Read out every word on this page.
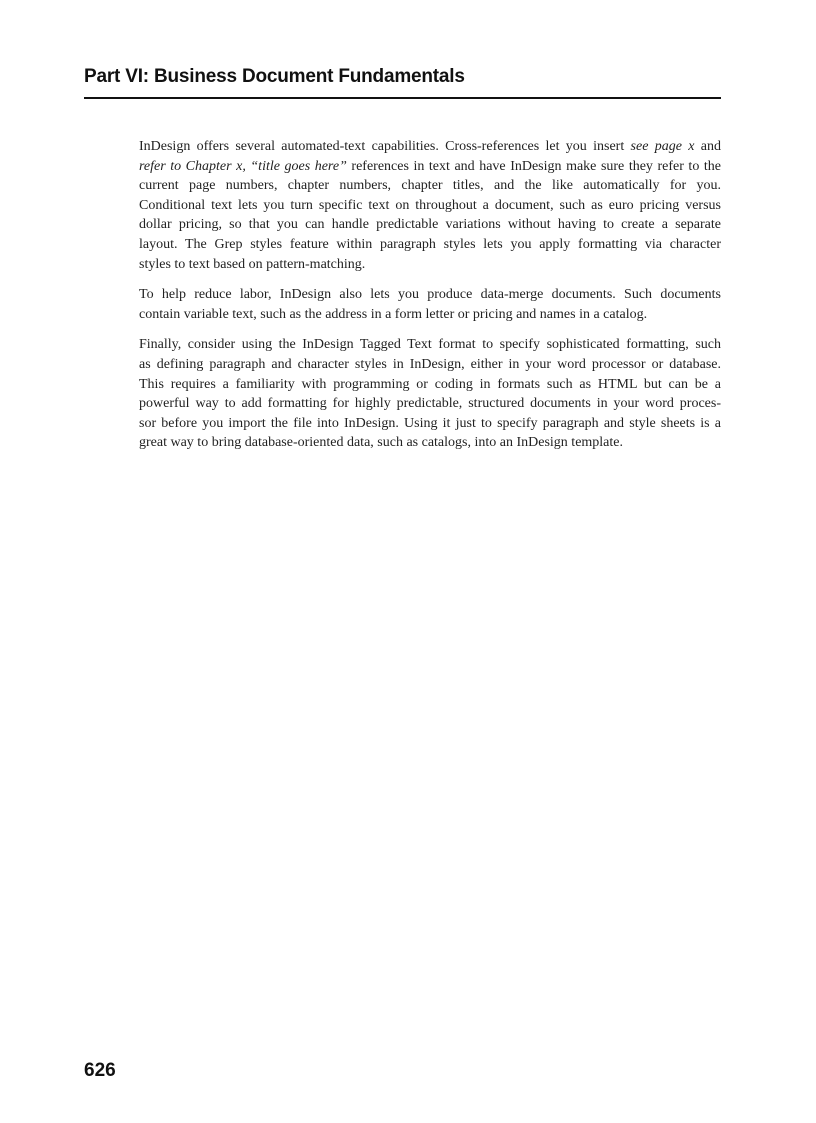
Part VI: Business Document Fundamentals

InDesign offers several automated-text capabilities. Cross-references let you insert see page x and
refer to Chapter x, “title goes here” references in text and have InDesign make sure they refer to the
current page numbers, chapter numbers, chapter titles, and the like automatically for you.
Conditional text lets you turn specific text on throughout a document, such as euro pricing versus
dollar pricing, so that you can handle predictable variations without having to create a separate
layout. The Grep styles feature within paragraph styles lets you apply formatting via character
styles to text based on pattern-matching.

To help reduce labor, InDesign also lets you produce data-merge documents. Such documents
contain variable text, such as the address in a form letter or pricing and names in a catalog.

Finally, consider using the InDesign Tagged Text format to specify sophisticated formatting, such
as defining paragraph and character styles in InDesign, either in your word processor or database.
This requires a familiarity with programming or coding in formats such as HTML but can be a
powerful way to add formatting for highly predictable, structured documents in your word proces-
sor before you import the file into InDesign. Using it just to specify paragraph and style sheets is a
great way to bring database-oriented data, such as catalogs, into an InDesign template.

626
